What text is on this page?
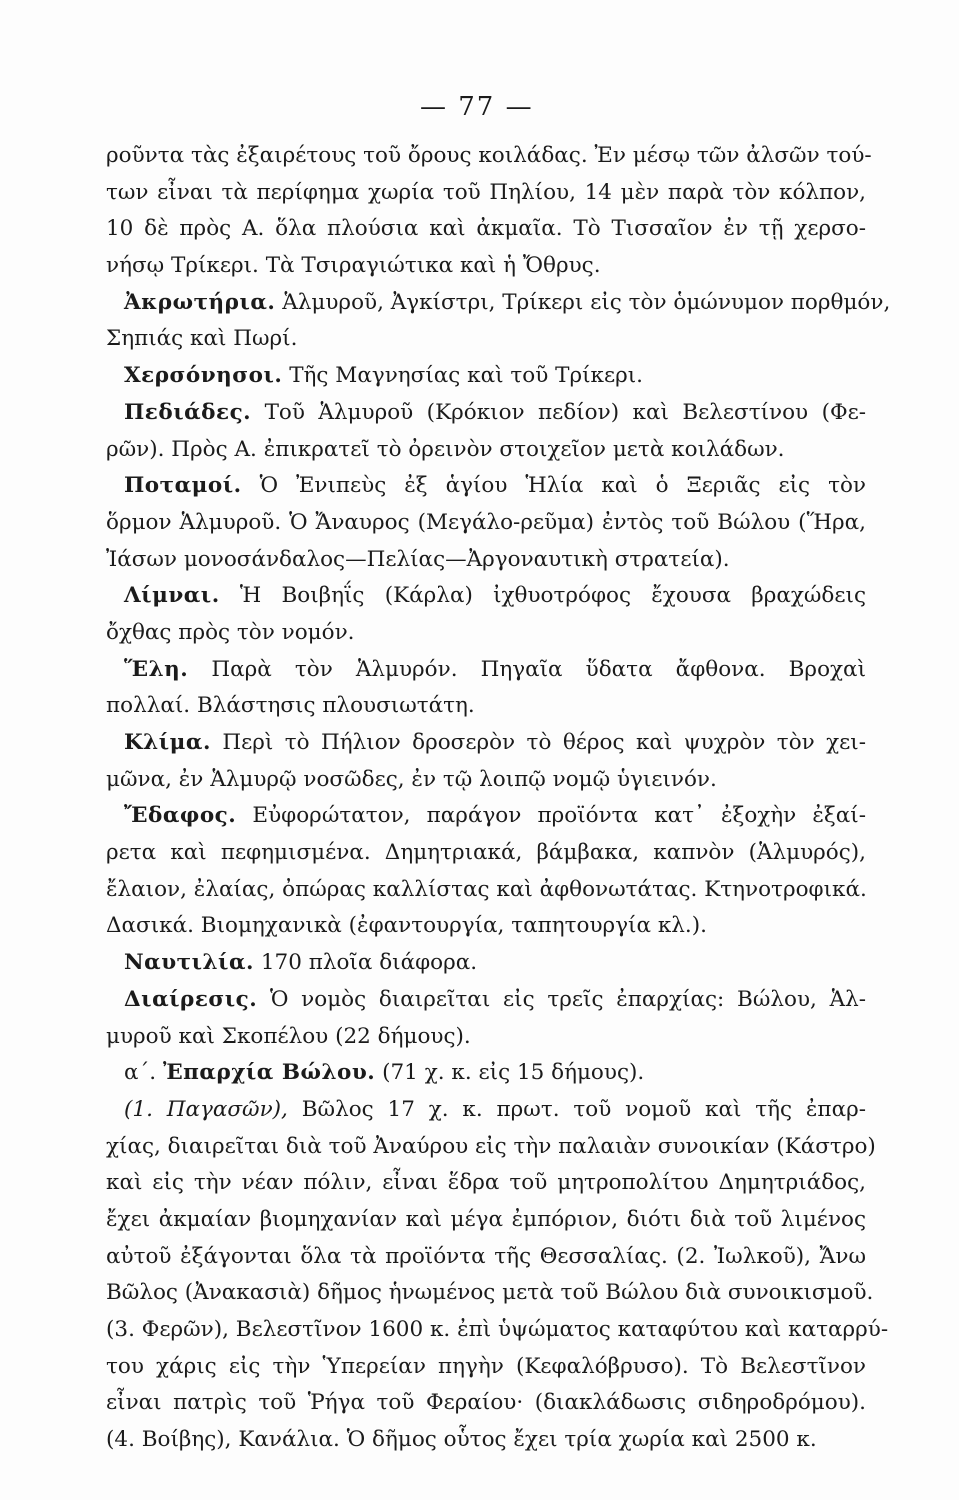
— 77 —
ροῦντα τὰς ἐξαιρέτους τοῦ ὄρους κοιλάδας. Ἐν μέσῳ τῶν ἀλσῶν τού-
των εἶναι τὰ περίφημα χωρία τοῦ Πηλίου, 14 μὲν παρὰ τὸν κόλπον,
10 δὲ πρὸς Α. ὅλα πλούσια καὶ ἀκμαῖα. Τὸ Τισσαῖον ἐν τῇ χερσο-
νήσῳ Τρίκερι. Τὰ Τσιραγιώτικα καὶ ἡ Ὄθρυς.
Ἀκρωτήρια. Ἁλμυροῦ, Ἀγκίστρι, Τρίκερι εἰς τὸν ὁμώνυμον πορθμόν,
Σηπιάς καὶ Πωρί.
Χερσόνησοι. Τῆς Μαγνησίας καὶ τοῦ Τρίκερι.
Πεδιάδες. Τοῦ Ἁλμυροῦ (Κρόκιον πεδίον) καὶ Βελεστίνου (Φε-
ρῶν). Πρὸς Α. ἐπικρατεῖ τὸ ὀρεινὸν στοιχεῖον μετὰ κοιλάδων.
Ποταμοί. Ὁ Ἐνιπεὺς ἐξ ἁγίου Ἡλία καὶ ὁ Ξεριᾶς εἰς τὸν
ὅρμον Ἁλμυροῦ. Ὁ Ἄναυρος (Μεγάλο-ρεῦμα) ἐντὸς τοῦ Βώλου (Ἥρα,
Ἰάσων μονοσάνδαλος—Πελίας—Ἀργοναυτικὴ στρατεία).
Λίμναι. Ἡ Βοιβηΐς (Κάρλα) ἰχθυοτρόφος ἔχουσα βραχώδεις
ὄχθας πρὸς τὸν νομόν.
Ἕλη. Παρὰ τὸν Ἁλμυρόν. Πηγαῖα ὕδατα ἄφθονα. Βροχαὶ
πολλαί. Βλάστησις πλουσιωτάτη.
Κλίμα. Περὶ τὸ Πήλιον δροσερὸν τὸ θέρος καὶ ψυχρὸν τὸν χει-
μῶνα, ἐν Ἁλμυρῷ νοσῶδες, ἐν τῷ λοιπῷ νομῷ ὑγιεινόν.
Ἔδαφος. Εὐφορώτατον, παράγον προϊόντα κατ᾽ ἐξοχὴν ἐξαί-
ρετα καὶ πεφημισμένα. Δημητριακά, βάμβακα, καπνὸν (Ἁλμυρός),
ἔλαιον, ἐλαίας, ὀπώρας καλλίστας καὶ ἀφθονωτάτας. Κτηνοτροφικά.
Δασικά. Βιομηχανικὰ (ἐφαντουργία, ταπητουργία κλ.).
Ναυτιλία. 170 πλοῖα διάφορα.
Διαίρεσις. Ὁ νομὸς διαιρεῖται εἰς τρεῖς ἐπαρχίας: Βώλου, Ἁλ-
μυροῦ καὶ Σκοπέλου (22 δήμους).
α΄. Ἐπαρχία Βώλου. (71 χ. κ. εἰς 15 δήμους).
(1. Παγασῶν), Βῶλος 17 χ. κ. πρωτ. τοῦ νομοῦ καὶ τῆς ἐπαρ-
χίας, διαιρεῖται διὰ τοῦ Ἀναύρου εἰς τὴν παλαιὰν συνοικίαν (Κάστρο)
καὶ εἰς τὴν νέαν πόλιν, εἶναι ἕδρα τοῦ μητροπολίτου Δημητριάδος,
ἔχει ἀκμαίαν βιομηχανίαν καὶ μέγα ἐμπόριον, διότι διὰ τοῦ λιμένος
αὐτοῦ ἐξάγονται ὅλα τὰ προϊόντα τῆς Θεσσαλίας. (2. Ἰωλκοῦ), Ἄνω
Βῶλος (Ἀνακασιὰ) δῆμος ἡνωμένος μετὰ τοῦ Βώλου διὰ συνοικισμοῦ.
(3. Φερῶν), Βελεστῖνον 1600 κ. ἐπὶ ὑψώματος καταφύτου καὶ καταρρύ-
του χάρις εἰς τὴν Ὑπερείαν πηγὴν (Κεφαλόβρυσο). Τὸ Βελεστῖνον
εἶναι πατρὶς τοῦ Ῥήγα τοῦ Φεραίου· (διακλάδωσις σιδηροδρόμου).
(4. Βοίβης), Κανάλια. Ὁ δῆμος οὗτος ἔχει τρία χωρία καὶ 2500 κ.
